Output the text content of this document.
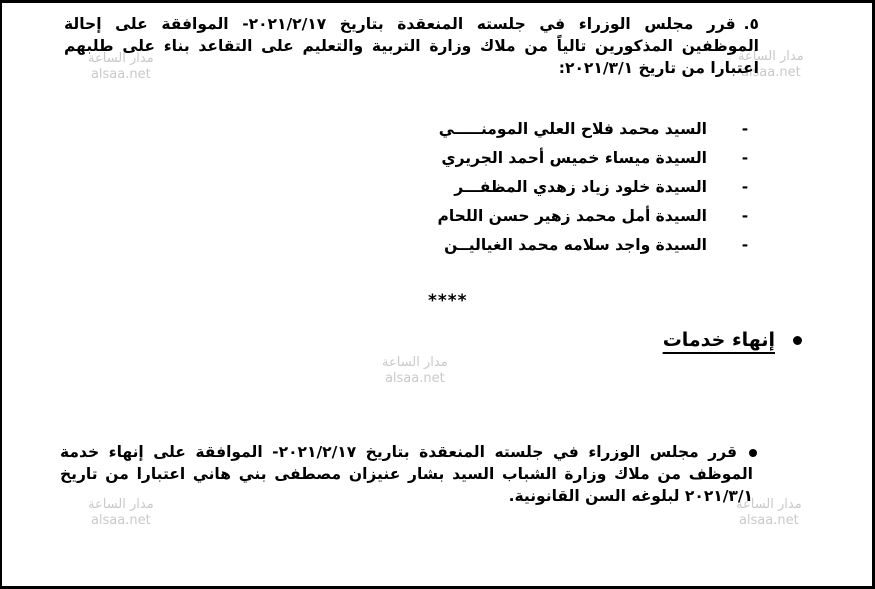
مدار الساعة
alsaa.net
مدار الساعة
alsaa.net
مدار الساعة
alsaa.net
مدار الساعة
alsaa.net
مدار الساعة
alsaa.net
٥.قرر مجلس الوزراء في جلسته المنعقدة بتاريخ ٢٠٢١/٢/١٧- الموافقة على إحالة الموظفين المذكورين تالياً من ملاك وزارة التربية والتعليم على التقاعد بناء على طلبهم اعتبارا من تاريخ ٢٠٢١/٣/١:
-
السيد محمد فلاح العلي المومنـــــي
-
السيدة ميساء خميس أحمد الجريري
-
السيدة خلود زياد زهدي المظفـــر
-
السيدة أمل محمد زهير حسن اللحام
-
السيدة واجد سلامه محمد الغياليــن
****
إنهاء خدمات
قرر مجلس الوزراء في جلسته المنعقدة بتاريخ ٢٠٢١/٢/١٧- الموافقة على إنهاء خدمة الموظف من ملاك وزارة الشباب السيد بشار عنيزان مصطفى بني هاني اعتبارا من تاريخ ٢٠٢١/٣/١ لبلوغه السن القانونية.
